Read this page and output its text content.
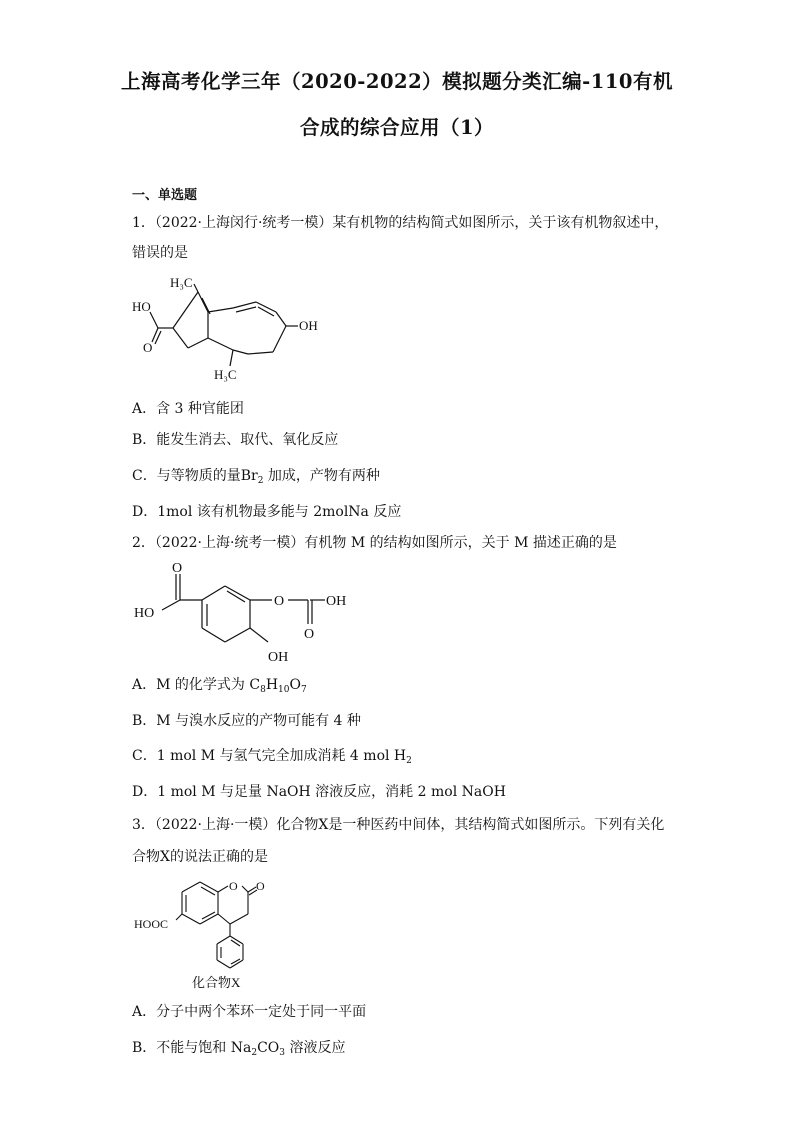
上海高考化学三年（2020-2022）模拟题分类汇编-110有机
合成的综合应用（1）
一、单选题
1．（2022·上海闵行·统考一模）某有机物的结构简式如图所示，关于该有机物叙述中，
错误的是
H₃C
HO
O
OH
H₃C
A．含 3 种官能团
B．能发生消去、取代、氧化反应
C．与等物质的量$Br_2$ 加成，产物有两种
D．1mol 该有机物最多能与 2molNa 反应
2．（2022·上海·统考一模）有机物 M 的结构如图所示，关于 M 描述正确的是
O
HO
O
O
OH
OH
A．M 的化学式为 $C_8H_{10}O_7$
B．M 与溴水反应的产物可能有 4 种
C．1 mol M 与氢气完全加成消耗 4 mol $H_2$
D．1 mol M 与足量 NaOH 溶液反应，消耗 2 mol NaOH
3．（2022·上海·一模）化合物X是一种医药中间体，其结构简式如图所示。下列有关化
合物X的说法正确的是
O O
HOOC
化合物X
A．分子中两个苯环一定处于同一平面
B．不能与饱和 $Na_2CO_3$ 溶液反应
